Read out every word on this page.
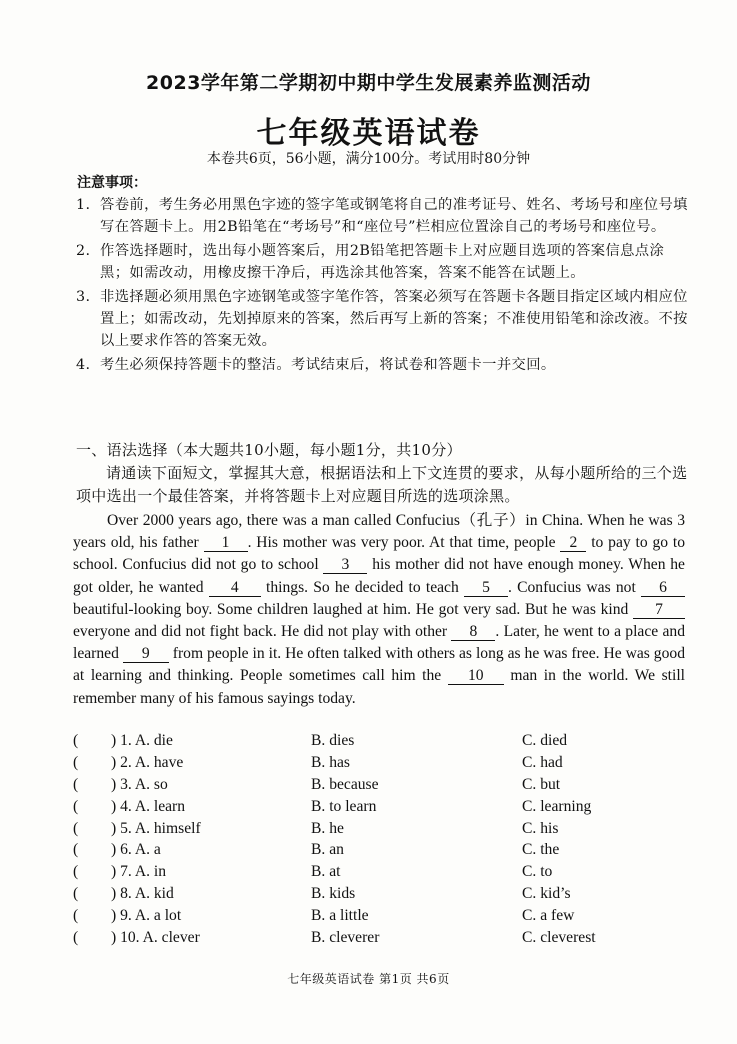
2023学年第二学期初中期中学生发展素养监测活动
七年级英语试卷
本卷共6页，56小题，满分100分。考试用时80分钟
注意事项：
1. 答卷前，考生务必用黑色字迹的签字笔或钢笔将自己的准考证号、姓名、考场号和座位号填写在答题卡上。用2B铅笔在“考场号”和“座位号”栏相应位置涂自己的考场号和座位号。
2. 作答选择题时，选出每小题答案后，用2B铅笔把答题卡上对应题目选项的答案信息点涂黑；如需改动，用橡皮擦干净后，再选涂其他答案，答案不能答在试题上。
3. 非选择题必须用黑色字迹钢笔或签字笔作答，答案必须写在答题卡各题目指定区域内相应位置上；如需改动，先划掉原来的答案，然后再写上新的答案；不准使用铅笔和涂改液。不按以上要求作答的答案无效。
4. 考生必须保持答题卡的整洁。考试结束后，将试卷和答题卡一并交回。
一、语法选择（本大题共10小题，每小题1分，共10分）
请通读下面短文，掌握其大意，根据语法和上下文连贯的要求，从每小题所给的三个选项中选出一个最佳答案，并将答题卡上对应题目所选的选项涂黑。
Over 2000 years ago, there was a man called Confucius（孔子）in China. When he was 3 years old, his father 1 . His mother was very poor. At that time, people 2 to pay to go to school. Confucius did not go to school 3 his mother did not have enough money. When he got older, he wanted 4 things. So he decided to teach 5 . Confucius was not 6 beautiful-looking boy. Some children laughed at him. He got very sad. But he was kind 7 everyone and did not fight back. He did not play with other 8 . Later, he went to a place and learned 9 from people in it. He often talked with others as long as he was free. He was good at learning and thinking. People sometimes call him the 10 man in the world. We still remember many of his famous sayings today.
( ) 1. A. die	B. dies	C. died
( ) 2. A. have	B. has	C. had
( ) 3. A. so	B. because	C. but
( ) 4. A. learn	B. to learn	C. learning
( ) 5. A. himself	B. he	C. his
( ) 6. A. a	B. an	C. the
( ) 7. A. in	B. at	C. to
( ) 8. A. kid	B. kids	C. kid’s
( ) 9. A. a lot	B. a little	C. a few
( ) 10. A. clever	B. cleverer	C. cleverest
七年级英语试卷 第1页 共6页
